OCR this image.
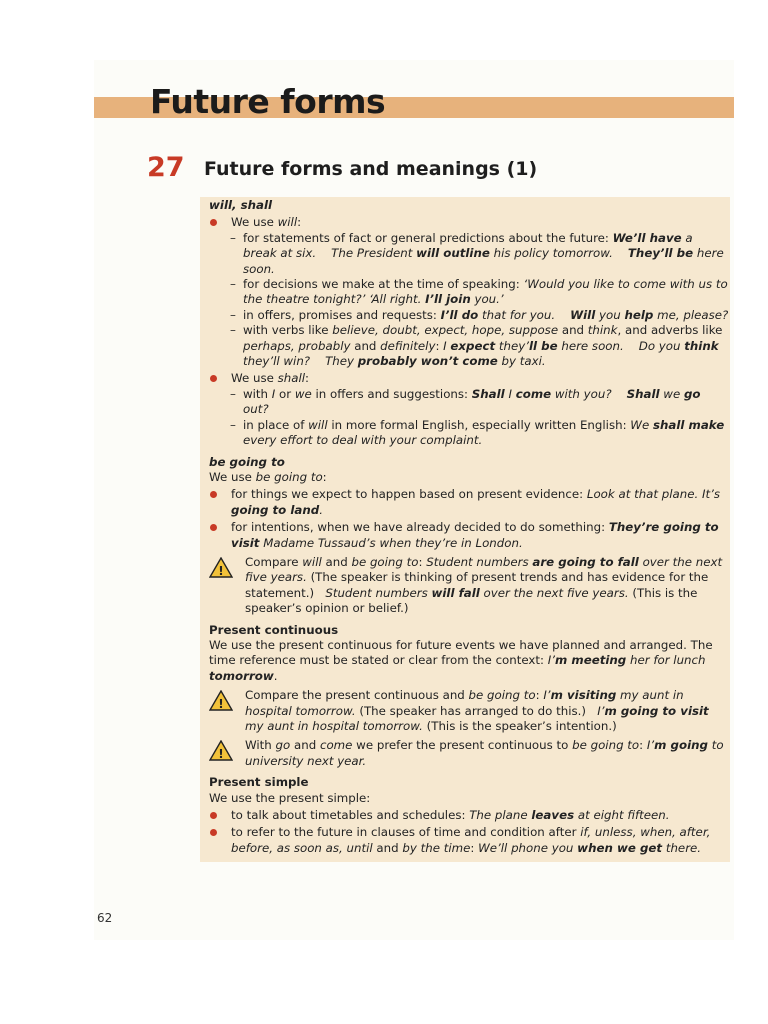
Future forms
27 Future forms and meanings (1)

will, shall

We use will:
– for statements of fact or general predictions about the future: We’ll have a break at six. The President will outline his policy tomorrow. They’ll be here soon.
– for decisions we make at the time of speaking: ‘Would you like to come with us to the theatre tonight?’ ‘All right. I’ll join you.’
– in offers, promises and requests: I’ll do that for you. Will you help me, please?
– with verbs like believe, doubt, expect, hope, suppose and think, and adverbs like perhaps, probably and definitely: I expect they’ll be here soon. Do you think they’ll win? They probably won’t come by taxi.
We use shall:
– with I or we in offers and suggestions: Shall I come with you? Shall we go out?
– in place of will in more formal English, especially written English: We shall make every effort to deal with your complaint.

be going to

We use be going to:

for things we expect to happen based on present evidence: Look at that plane. It’s going to land.
for intentions, when we have already decided to do something: They’re going to visit Madame Tussaud’s when they’re in London.
!
Compare will and be going to: Student numbers are going to fall over the next five years. (The speaker is thinking of present trends and has evidence for the statement.) Student numbers will fall over the next five years. (This is the speaker’s opinion or belief.)

Present continuous

We use the present continuous for future events we have planned and arranged. The time reference must be stated or clear from the context: I’m meeting her for lunch tomorrow.

!
Compare the present continuous and be going to: I’m visiting my aunt in hospital tomorrow. (The speaker has arranged to do this.) I’m going to visit my aunt in hospital tomorrow. (This is the speaker’s intention.)
!
With go and come we prefer the present continuous to be going to: I’m going to university next year.

Present simple

We use the present simple:

to talk about timetables and schedules: The plane leaves at eight fifteen.
to refer to the future in clauses of time and condition after if, unless, when, after, before, as soon as, until and by the time: We’ll phone you when we get there.
62
